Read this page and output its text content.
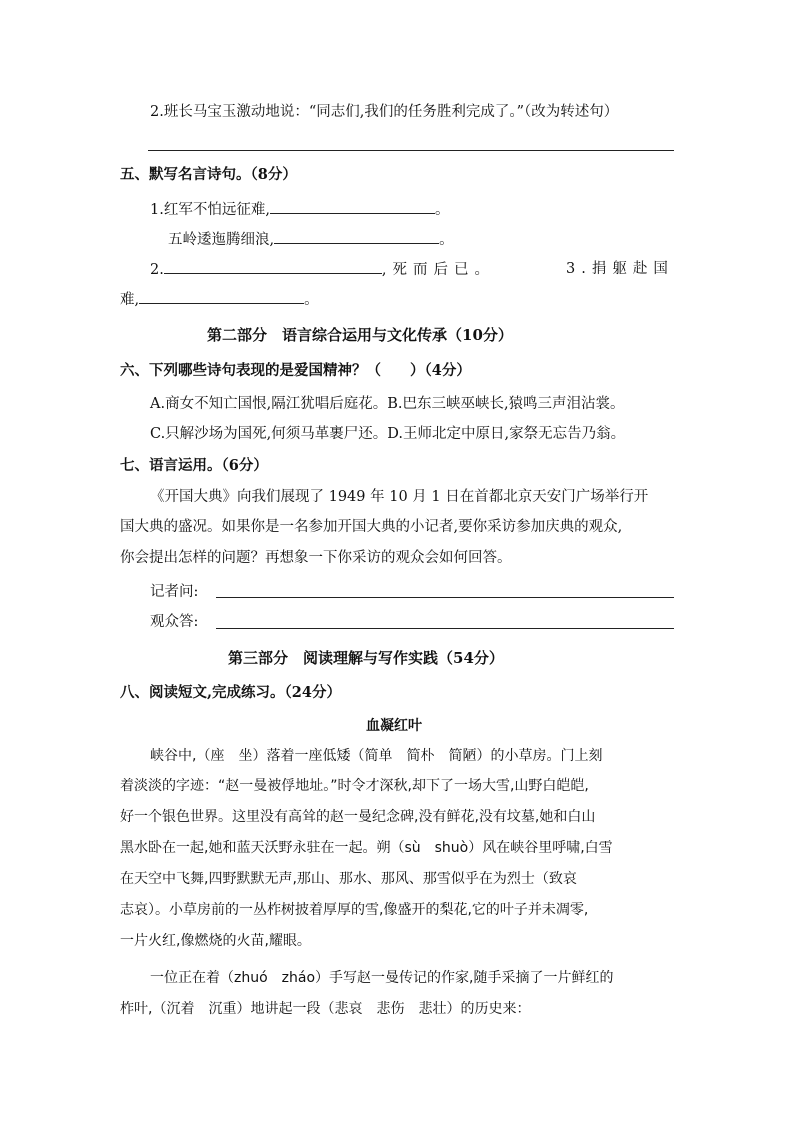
2.班长马宝玉激动地说：“同志们,我们的任务胜利完成了。”（改为转述句）
五、默写名言诗句。（8分）
1.红军不怕远征难,	。
五岭逶迤腾细浪,	。
2.	,死而后已。	3.捐躯赴国
难,	。
第二部分　语言综合运用与文化传承（10分）
六、下列哪些诗句表现的是爱国精神？（　　）（4分）
A.商女不知亡国恨,隔江犹唱后庭花。B.巴东三峡巫峡长,猿鸣三声泪沾裳。
C.只解沙场为国死,何须马革裹尸还。D.王师北定中原日,家祭无忘告乃翁。
七、语言运用。（6分）
《开国大典》向我们展现了 1949 年 10 月 1 日在首都北京天安门广场举行开
国大典的盛况。如果你是一名参加开国大典的小记者,要你采访参加庆典的观众,
你会提出怎样的问题？再想象一下你采访的观众会如何回答。
记者问:
观众答:
第三部分　阅读理解与写作实践（54分）
八、阅读短文,完成练习。（24分）
血凝红叶
峡谷中,（座　坐）落着一座低矮（简单　简朴　简陋）的小草房。门上刻
着淡淡的字迹：“赵一曼被俘地址。”时令才深秋,却下了一场大雪,山野白皑皑,
好一个银色世界。这里没有高耸的赵一曼纪念碑,没有鲜花,没有坟墓,她和白山
黑水卧在一起,她和蓝天沃野永驻在一起。朔（sù　shuò）风在峡谷里呼啸,白雪
在天空中飞舞,四野默默无声,那山、那水、那风、那雪似乎在为烈士（致哀
志哀）。小草房前的一丛柞树披着厚厚的雪,像盛开的梨花,它的叶子并未凋零,
一片火红,像燃烧的火苗,耀眼。
一位正在着（zhuó　zháo）手写赵一曼传记的作家,随手采摘了一片鲜红的
柞叶,（沉着　沉重）地讲起一段（悲哀　悲伤　悲壮）的历史来：
